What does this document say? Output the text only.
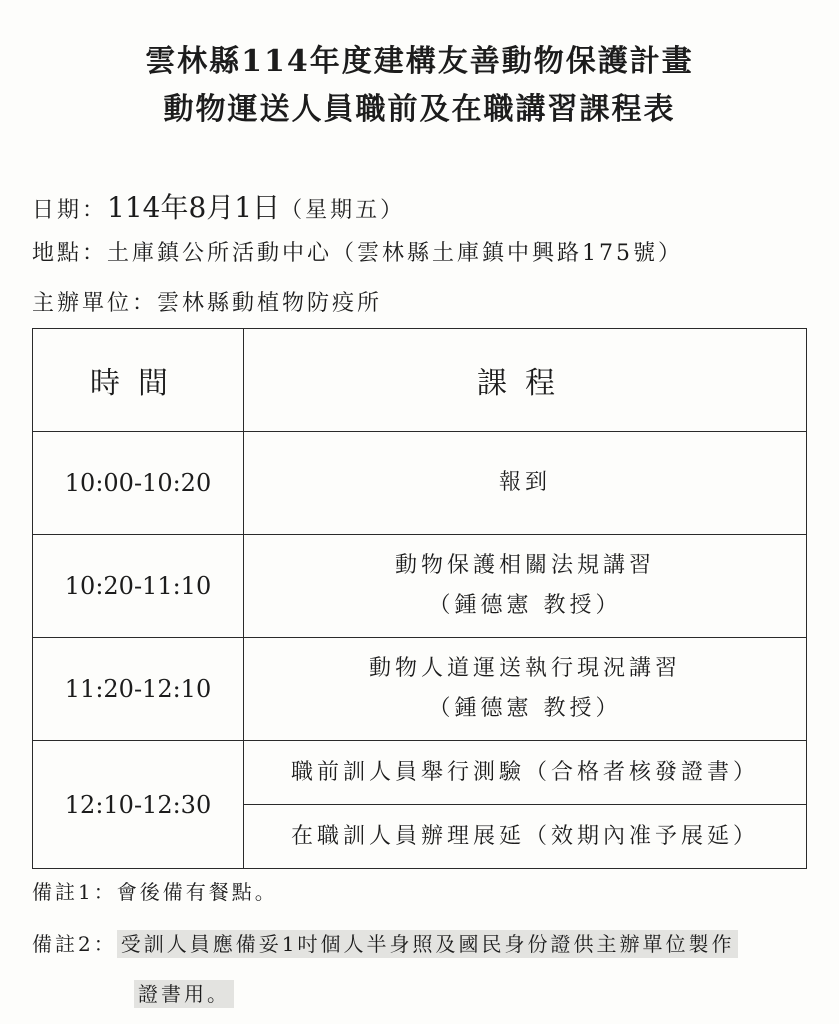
雲林縣114年度建構友善動物保護計畫
動物運送人員職前及在職講習課程表
日期：114年8月1日（星期五）
地點：土庫鎮公所活動中心（雲林縣土庫鎮中興路175號）
主辦單位：雲林縣動植物防疫所
時間	課程
10:00-10:20	報到
10:20-11:10	動物保護相關法規講習
（鍾德憲 教授）

11:20-12:10	動物人道運送執行現況講習
（鍾德憲 教授）

12:10-12:30	職前訓人員舉行測驗（合格者核發證書）
	在職訓人員辦理展延（效期內准予展延）
備註1：會後備有餐點。
備註2： 受訓人員應備妥1吋個人半身照及國民身份證供主辦單位製作
證書用。
